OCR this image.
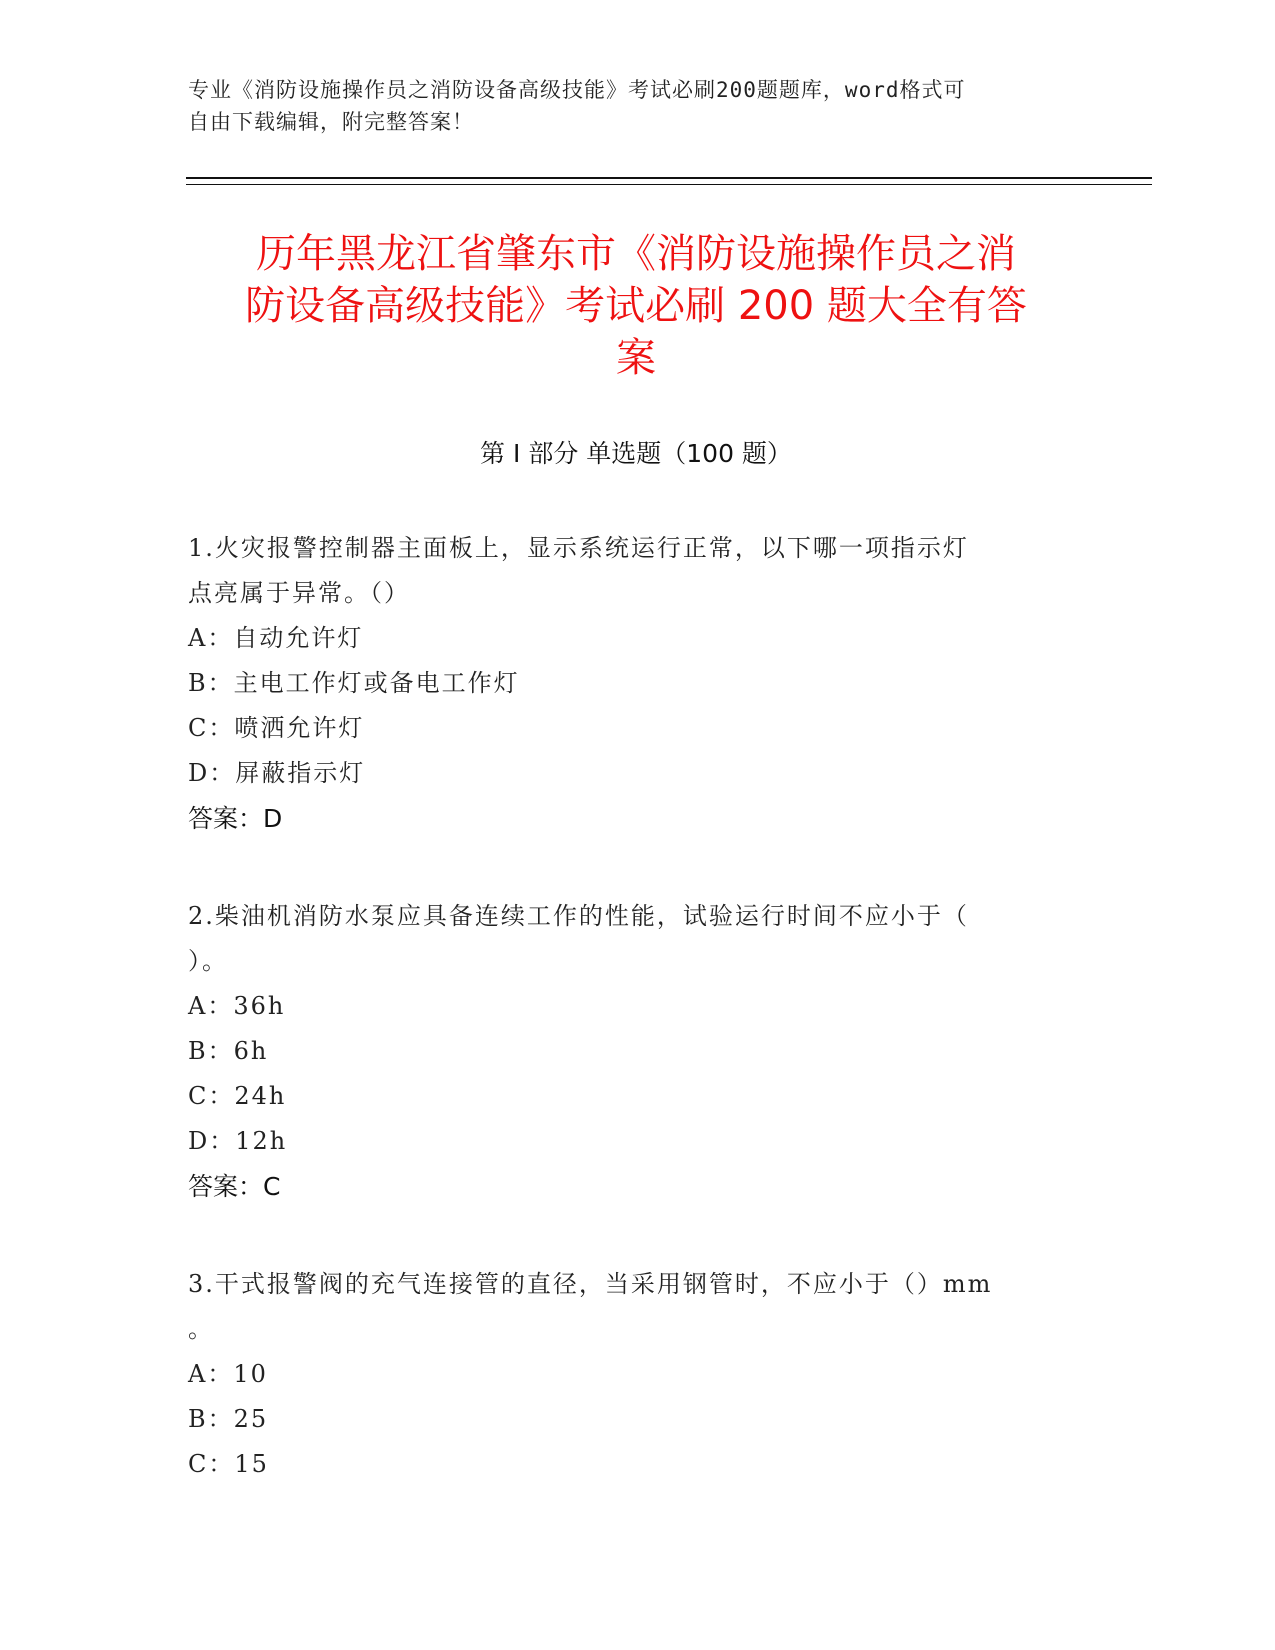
专业《消防设施操作员之消防设备高级技能》考试必刷200题题库，word格式可
自由下载编辑，附完整答案！
历年黑龙江省肇东市《消防设施操作员之消
防设备高级技能》考试必刷 200 题大全有答
案
第 I 部分 单选题（100 题）
1.火灾报警控制器主面板上，显示系统运行正常，以下哪一项指示灯
点亮属于异常。（）
A：自动允许灯
B：主电工作灯或备电工作灯
C：喷洒允许灯
D：屏蔽指示灯
答案：D
2.柴油机消防水泵应具备连续工作的性能，试验运行时间不应小于（
）。
A：36h
B：6h
C：24h
D：12h
答案：C
3.干式报警阀的充气连接管的直径，当采用钢管时，不应小于（）mm
。
A：10
B：25
C：15
